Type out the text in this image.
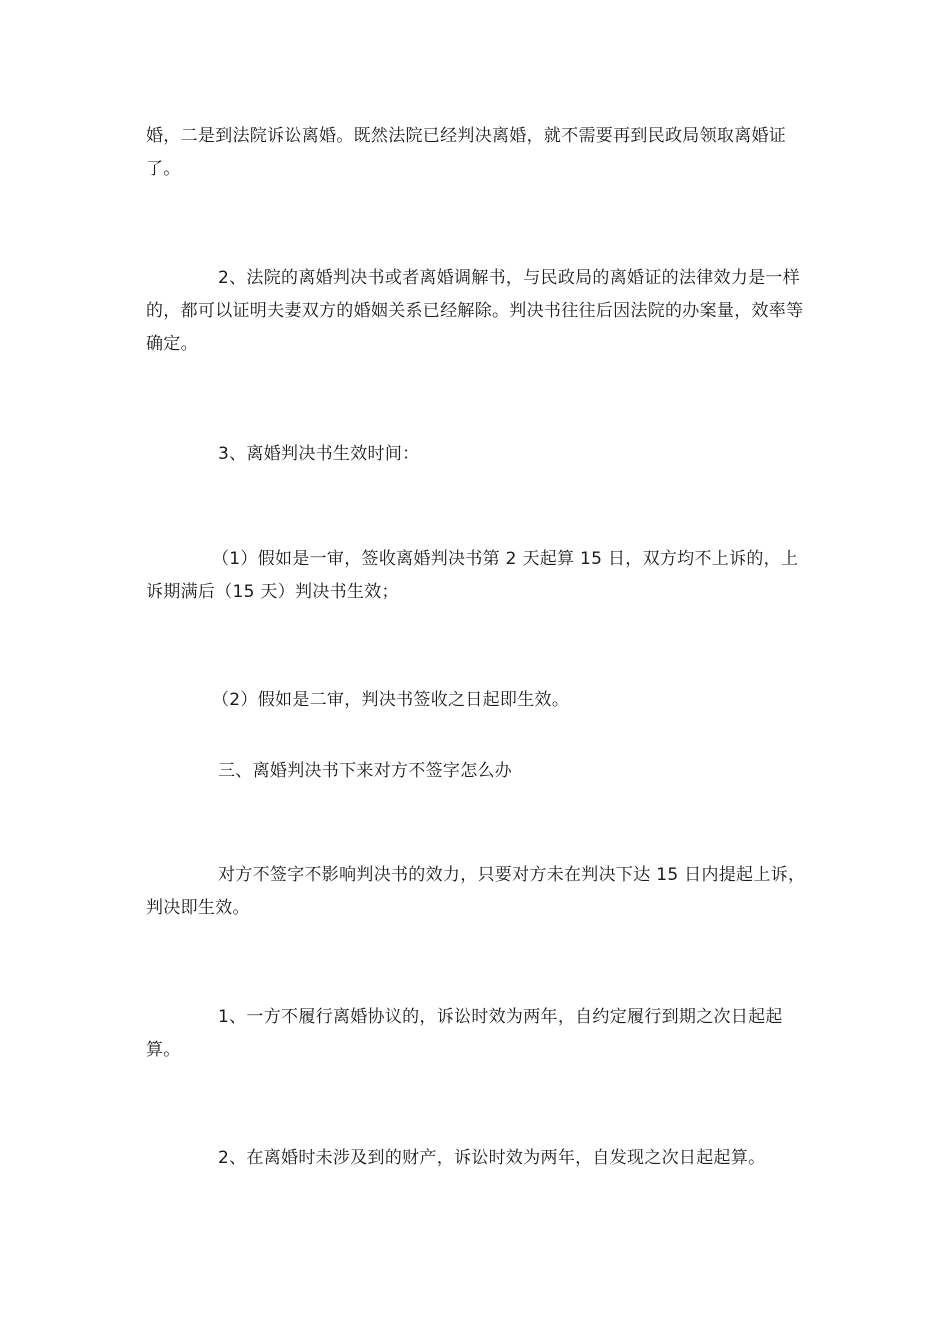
婚，二是到法院诉讼离婚。既然法院已经判决离婚，就不需要再到民政局领取离婚证了。

2、法院的离婚判决书或者离婚调解书，与民政局的离婚证的法律效力是一样的，都可以证明夫妻双方的婚姻关系已经解除。判决书往往后因法院的办案量，效率等确定。

3、离婚判决书生效时间：

（1）假如是一审，签收离婚判决书第 2 天起算 15 日，双方均不上诉的，上诉期满后（15 天）判决书生效；

（2）假如是二审，判决书签收之日起即生效。

三、离婚判决书下来对方不签字怎么办

对方不签字不影响判决书的效力，只要对方未在判决下达 15 日内提起上诉，判决即生效。

1、一方不履行离婚协议的，诉讼时效为两年，自约定履行到期之次日起起算。

2、在离婚时未涉及到的财产，诉讼时效为两年，自发现之次日起起算。
